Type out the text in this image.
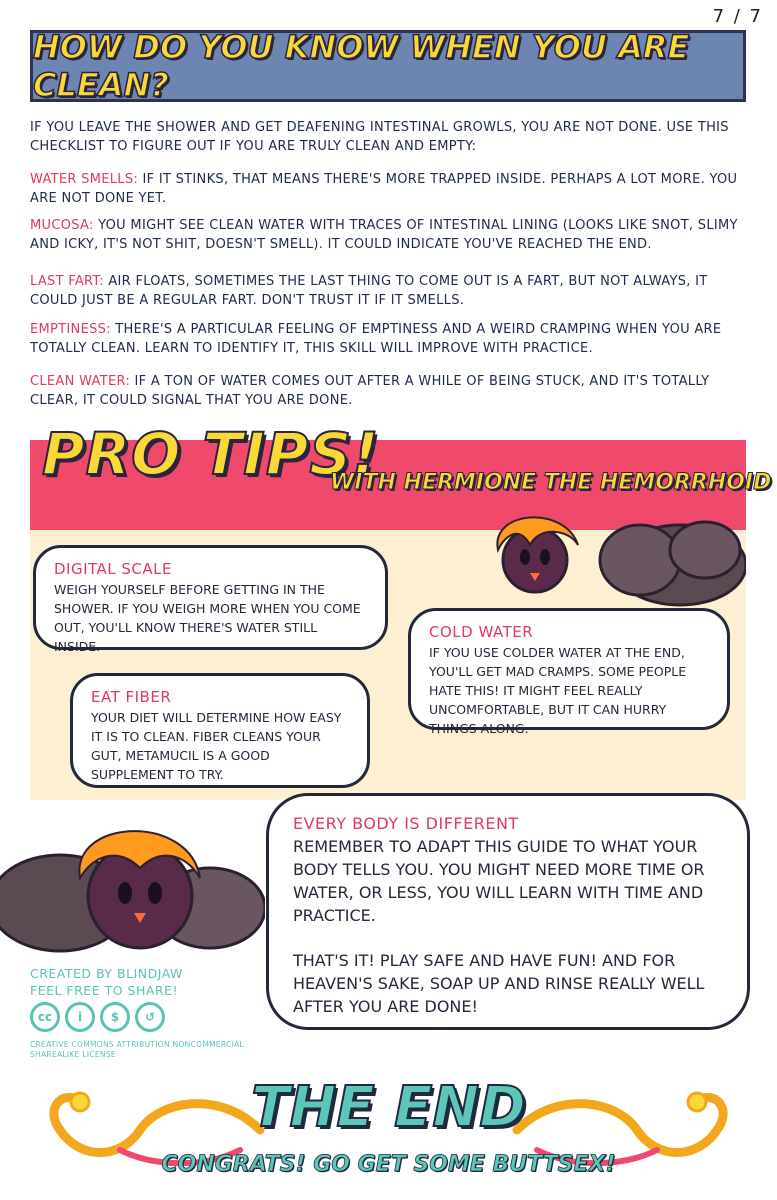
7 / 7
HOW DO YOU KNOW WHEN YOU ARE CLEAN?
IF YOU LEAVE THE SHOWER AND GET DEAFENING INTESTINAL GROWLS, YOU ARE NOT DONE. USE THIS CHECKLIST TO FIGURE OUT IF YOU ARE TRULY CLEAN AND EMPTY:
WATER SMELLS: IF IT STINKS, THAT MEANS THERE'S MORE TRAPPED INSIDE. PERHAPS A LOT MORE. YOU ARE NOT DONE YET.
MUCOSA: YOU MIGHT SEE CLEAN WATER WITH TRACES OF INTESTINAL LINING (LOOKS LIKE SNOT, SLIMY AND ICKY, IT'S NOT SHIT, DOESN'T SMELL). IT COULD INDICATE YOU'VE REACHED THE END.
LAST FART: AIR FLOATS, SOMETIMES THE LAST THING TO COME OUT IS A FART, BUT NOT ALWAYS, IT COULD JUST BE A REGULAR FART. DON'T TRUST IT IF IT SMELLS.
EMPTINESS: THERE'S A PARTICULAR FEELING OF EMPTINESS AND A WEIRD CRAMPING WHEN YOU ARE TOTALLY CLEAN. LEARN TO IDENTIFY IT, THIS SKILL WILL IMPROVE WITH PRACTICE.
CLEAN WATER: IF A TON OF WATER COMES OUT AFTER A WHILE OF BEING STUCK, AND IT'S TOTALLY CLEAR, IT COULD SIGNAL THAT YOU ARE DONE.
PRO TIPS!
WITH HERMIONE THE HEMORRHOID
DIGITAL SCALE
WEIGH YOURSELF BEFORE GETTING IN THE SHOWER. IF YOU WEIGH MORE WHEN YOU COME OUT, YOU'LL KNOW THERE'S WATER STILL INSIDE.
COLD WATER
IF YOU USE COLDER WATER AT THE END, YOU'LL GET MAD CRAMPS. SOME PEOPLE HATE THIS! IT MIGHT FEEL REALLY UNCOMFORTABLE, BUT IT CAN HURRY THINGS ALONG.
EAT FIBER
YOUR DIET WILL DETERMINE HOW EASY IT IS TO CLEAN. FIBER CLEANS YOUR GUT, METAMUCIL IS A GOOD SUPPLEMENT TO TRY.
EVERY BODY IS DIFFERENT
REMEMBER TO ADAPT THIS GUIDE TO WHAT YOUR BODY TELLS YOU. YOU MIGHT NEED MORE TIME OR WATER, OR LESS, YOU WILL LEARN WITH TIME AND PRACTICE.
THAT'S IT! PLAY SAFE AND HAVE FUN! AND FOR HEAVEN'S SAKE, SOAP UP AND RINSE REALLY WELL AFTER YOU ARE DONE!
CREATED BY BLINDJAW
FEEL FREE TO SHARE!
cc	i	$	↺
CREATIVE COMMONS ATTRIBUTION NONCOMMERCIAL SHAREALIKE LICENSE
THE END
CONGRATS! GO GET SOME BUTTSEX!
